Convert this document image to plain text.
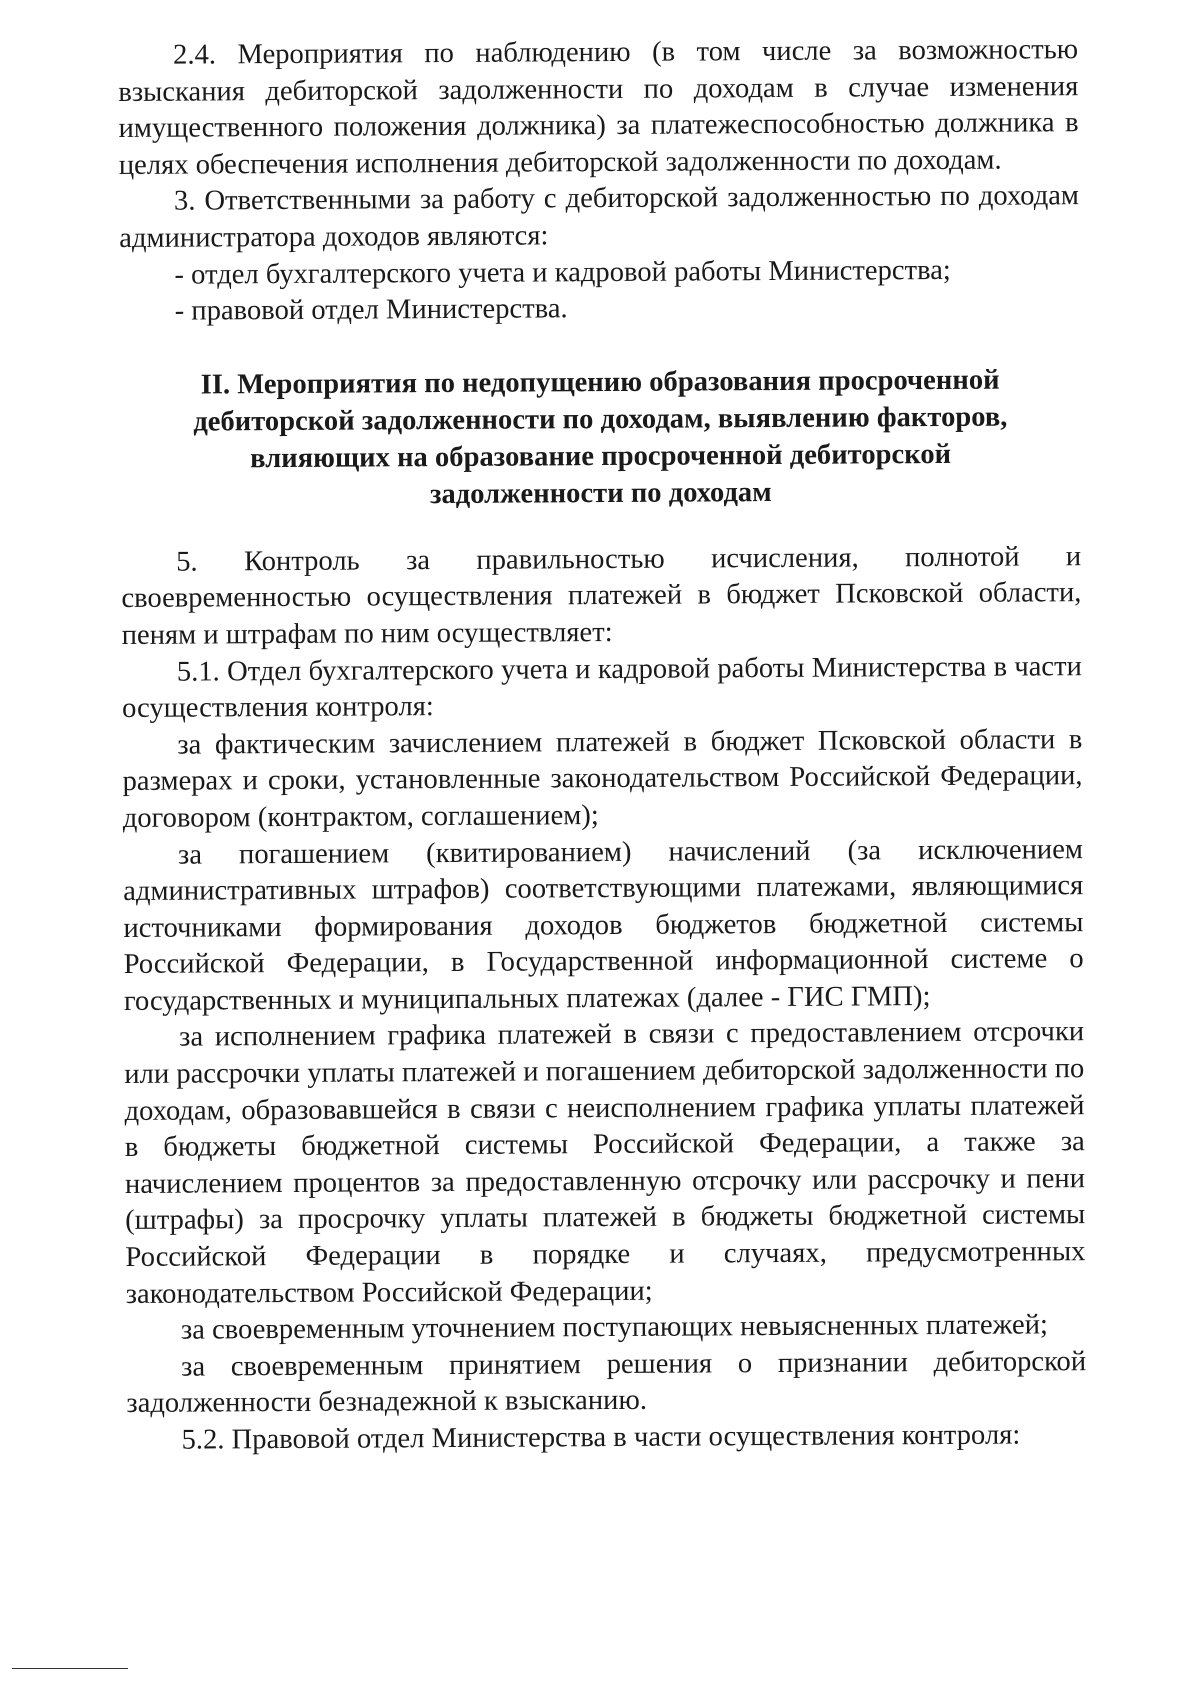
2.4. Мероприятия по наблюдению (в том числе за возможностью взыскания дебиторской задолженности по доходам в случае изменения имущественного положения должника) за платежеспособностью должника в целях обеспечения исполнения дебиторской задолженности по доходам.

3. Ответственными за работу с дебиторской задолженностью по доходам администратора доходов являются:

- отдел бухгалтерского учета и кадровой работы Министерства;

- правовой отдел Министерства.

II. Мероприятия по недопущению образования просроченной
дебиторской задолженности по доходам, выявлению факторов,
влияющих на образование просроченной дебиторской
задолженности по доходам

5. Контроль за правильностью исчисления, полнотой и своевременностью осуществления платежей в бюджет Псковской области, пеням и штрафам по ним осуществляет:

5.1. Отдел бухгалтерского учета и кадровой работы Министерства в части осуществления контроля:

за фактическим зачислением платежей в бюджет Псковской области в размерах и сроки, установленные законодательством Российской Федерации, договором (контрактом, соглашением);

за погашением (квитированием) начислений (за исключением административных штрафов) соответствующими платежами, являющимися источниками формирования доходов бюджетов бюджетной системы Российской Федерации, в Государственной информационной системе о государственных и муниципальных платежах (далее - ГИС ГМП);

за исполнением графика платежей в связи с предоставлением отсрочки или рассрочки уплаты платежей и погашением дебиторской задолженности по доходам, образовавшейся в связи с неисполнением графика уплаты платежей в бюджеты бюджетной системы Российской Федерации, а также за начислением процентов за предоставленную отсрочку или рассрочку и пени (штрафы) за просрочку уплаты платежей в бюджеты бюджетной системы Российской Федерации в порядке и случаях, предусмотренных законодательством Российской Федерации;

за своевременным уточнением поступающих невыясненных платежей;

за своевременным принятием решения о признании дебиторской задолженности безнадежной к взысканию.

5.2. Правовой отдел Министерства в части осуществления контроля:
